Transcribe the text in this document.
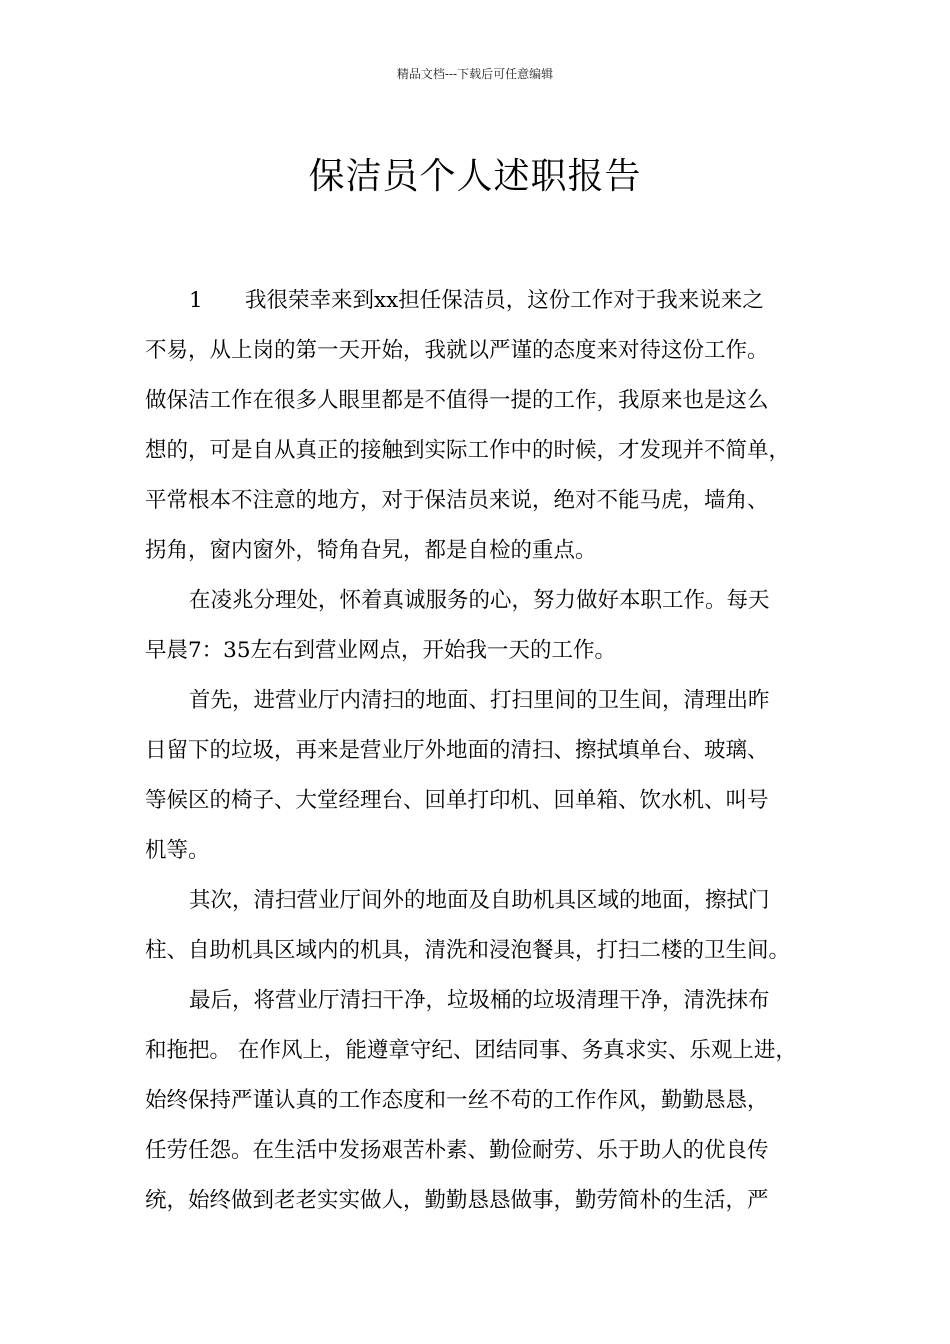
精品文档---下载后可任意编辑
保洁员个人述职报告
1 我很荣幸来到xx担任保洁员，这份工作对于我来说来之
不易，从上岗的第一天开始，我就以严谨的态度来对待这份工作。
做保洁工作在很多人眼里都是不值得一提的工作，我原来也是这么
想的，可是自从真正的接触到实际工作中的时候，才发现并不简单，
平常根本不注意的地方，对于保洁员来说，绝对不能马虎，墙角、
拐角，窗内窗外，犄角旮旯，都是自检的重点。
在凌兆分理处，怀着真诚服务的心，努力做好本职工作。每天
早晨7：35左右到营业网点，开始我一天的工作。
首先，进营业厅内清扫的地面、打扫里间的卫生间，清理出昨
日留下的垃圾，再来是营业厅外地面的清扫、擦拭填单台、玻璃、
等候区的椅子、大堂经理台、回单打印机、回单箱、饮水机、叫号
机等。
其次，清扫营业厅间外的地面及自助机具区域的地面，擦拭门
柱、自助机具区域内的机具，清洗和浸泡餐具，打扫二楼的卫生间。
最后，将营业厅清扫干净，垃圾桶的垃圾清理干净，清洗抹布
和拖把。 在作风上，能遵章守纪、团结同事、务真求实、乐观上进，
始终保持严谨认真的工作态度和一丝不苟的工作作风，勤勤恳恳，
任劳任怨。在生活中发扬艰苦朴素、勤俭耐劳、乐于助人的优良传
统，始终做到老老实实做人，勤勤恳恳做事，勤劳简朴的生活，严
